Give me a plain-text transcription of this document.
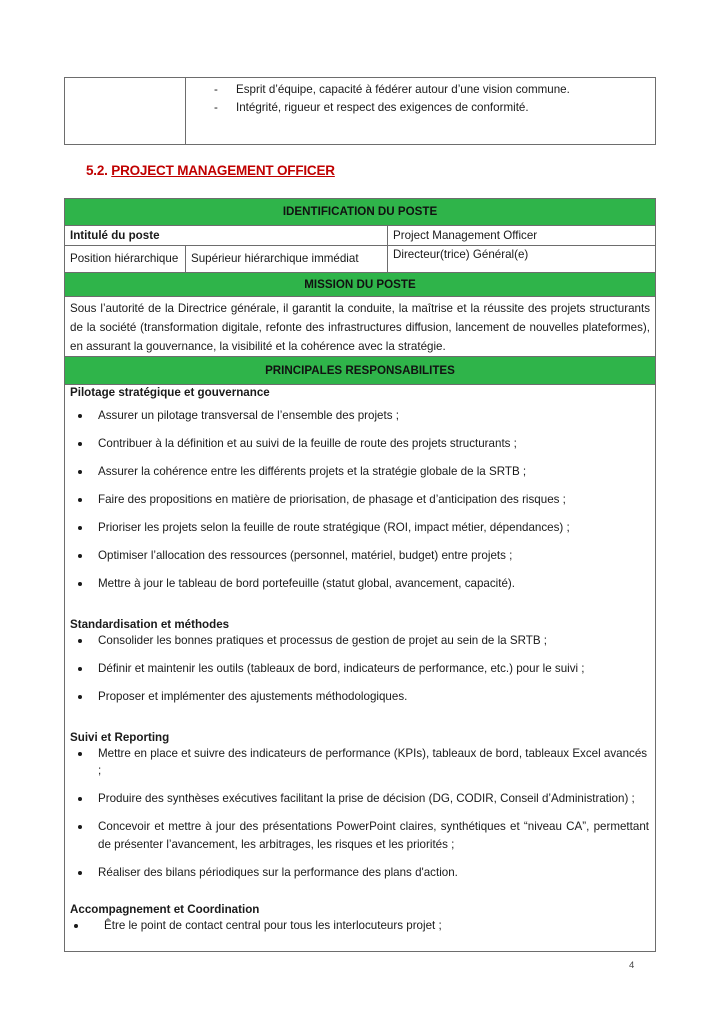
- Esprit d’équipe, capacité à fédérer autour d’une vision commune.
- Intégrité, rigueur et respect des exigences de conformité.
5.2. PROJECT MANAGEMENT OFFICER
IDENTIFICATION DU POSTE
Intitulé du poste	Project Management Officer
Position hiérarchique	Supérieur hiérarchique immédiat	Directeur(trice) Général(e)
MISSION DU POSTE
Sous l’autorité de la Directrice générale, il garantit la conduite, la maîtrise et la réussite des projets structurants de la société (transformation digitale, refonte des infrastructures diffusion, lancement de nouvelles plateformes), en assurant la gouvernance, la visibilité et la cohérence avec la stratégie.
PRINCIPALES RESPONSABILITES
Pilotage stratégique et gouvernance
Assurer un pilotage transversal de l’ensemble des projets ;
Contribuer à la définition et au suivi de la feuille de route des projets structurants ;
Assurer la cohérence entre les différents projets et la stratégie globale de la SRTB ;
Faire des propositions en matière de priorisation, de phasage et d’anticipation des risques ;
Prioriser les projets selon la feuille de route stratégique (ROI, impact métier, dépendances) ;
Optimiser l’allocation des ressources (personnel, matériel, budget) entre projets ;
Mettre à jour le tableau de bord portefeuille (statut global, avancement, capacité).
Standardisation et méthodes
Consolider les bonnes pratiques et processus de gestion de projet au sein de la SRTB ;
Définir et maintenir les outils (tableaux de bord, indicateurs de performance, etc.) pour le suivi ;
Proposer et implémenter des ajustements méthodologiques.
Suivi et Reporting
Mettre en place et suivre des indicateurs de performance (KPIs), tableaux de bord, tableaux Excel avancés ;
Produire des synthèses exécutives facilitant la prise de décision (DG, CODIR, Conseil d’Administration) ;
Concevoir et mettre à jour des présentations PowerPoint claires, synthétiques et “niveau CA”, permettant de présenter l’avancement, les arbitrages, les risques et les priorités ;
Réaliser des bilans périodiques sur la performance des plans d'action.
Accompagnement et Coordination
Être le point de contact central pour tous les interlocuteurs projet ;
4
